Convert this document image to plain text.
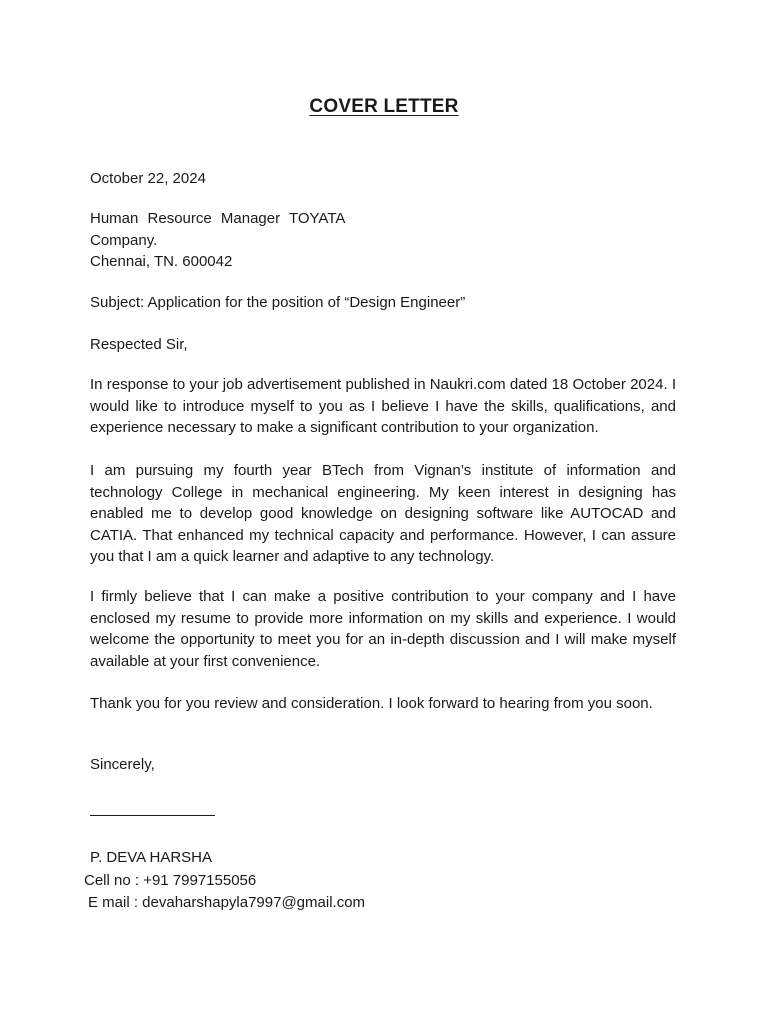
COVER LETTER
October 22, 2024
Human Resource Manager TOYATA
Company.
Chennai, TN. 600042
Subject: Application for the position of “Design Engineer”
Respected Sir,
In response to your job advertisement published in Naukri.com dated 18 October 2024. I would like to introduce myself to you as I believe I have the skills, qualifications, and experience necessary to make a significant contribution to your organization.
I am pursuing my fourth year BTech from Vignan’s institute of information and technology College in mechanical engineering. My keen interest in designing has enabled me to develop good knowledge on designing software like AUTOCAD and CATIA. That enhanced my technical capacity and performance. However, I can assure you that I am a quick learner and adaptive to any technology.
I firmly believe that I can make a positive contribution to your company and I have enclosed my resume to provide more information on my skills and experience. I would welcome the opportunity to meet you for an in-depth discussion and I will make myself available at your first convenience.
Thank you for you review and consideration. I look forward to hearing from you soon.
Sincerely,
P. DEVA HARSHA
Cell no : +91 7997155056
E mail : devaharshapyla7997@gmail.com
